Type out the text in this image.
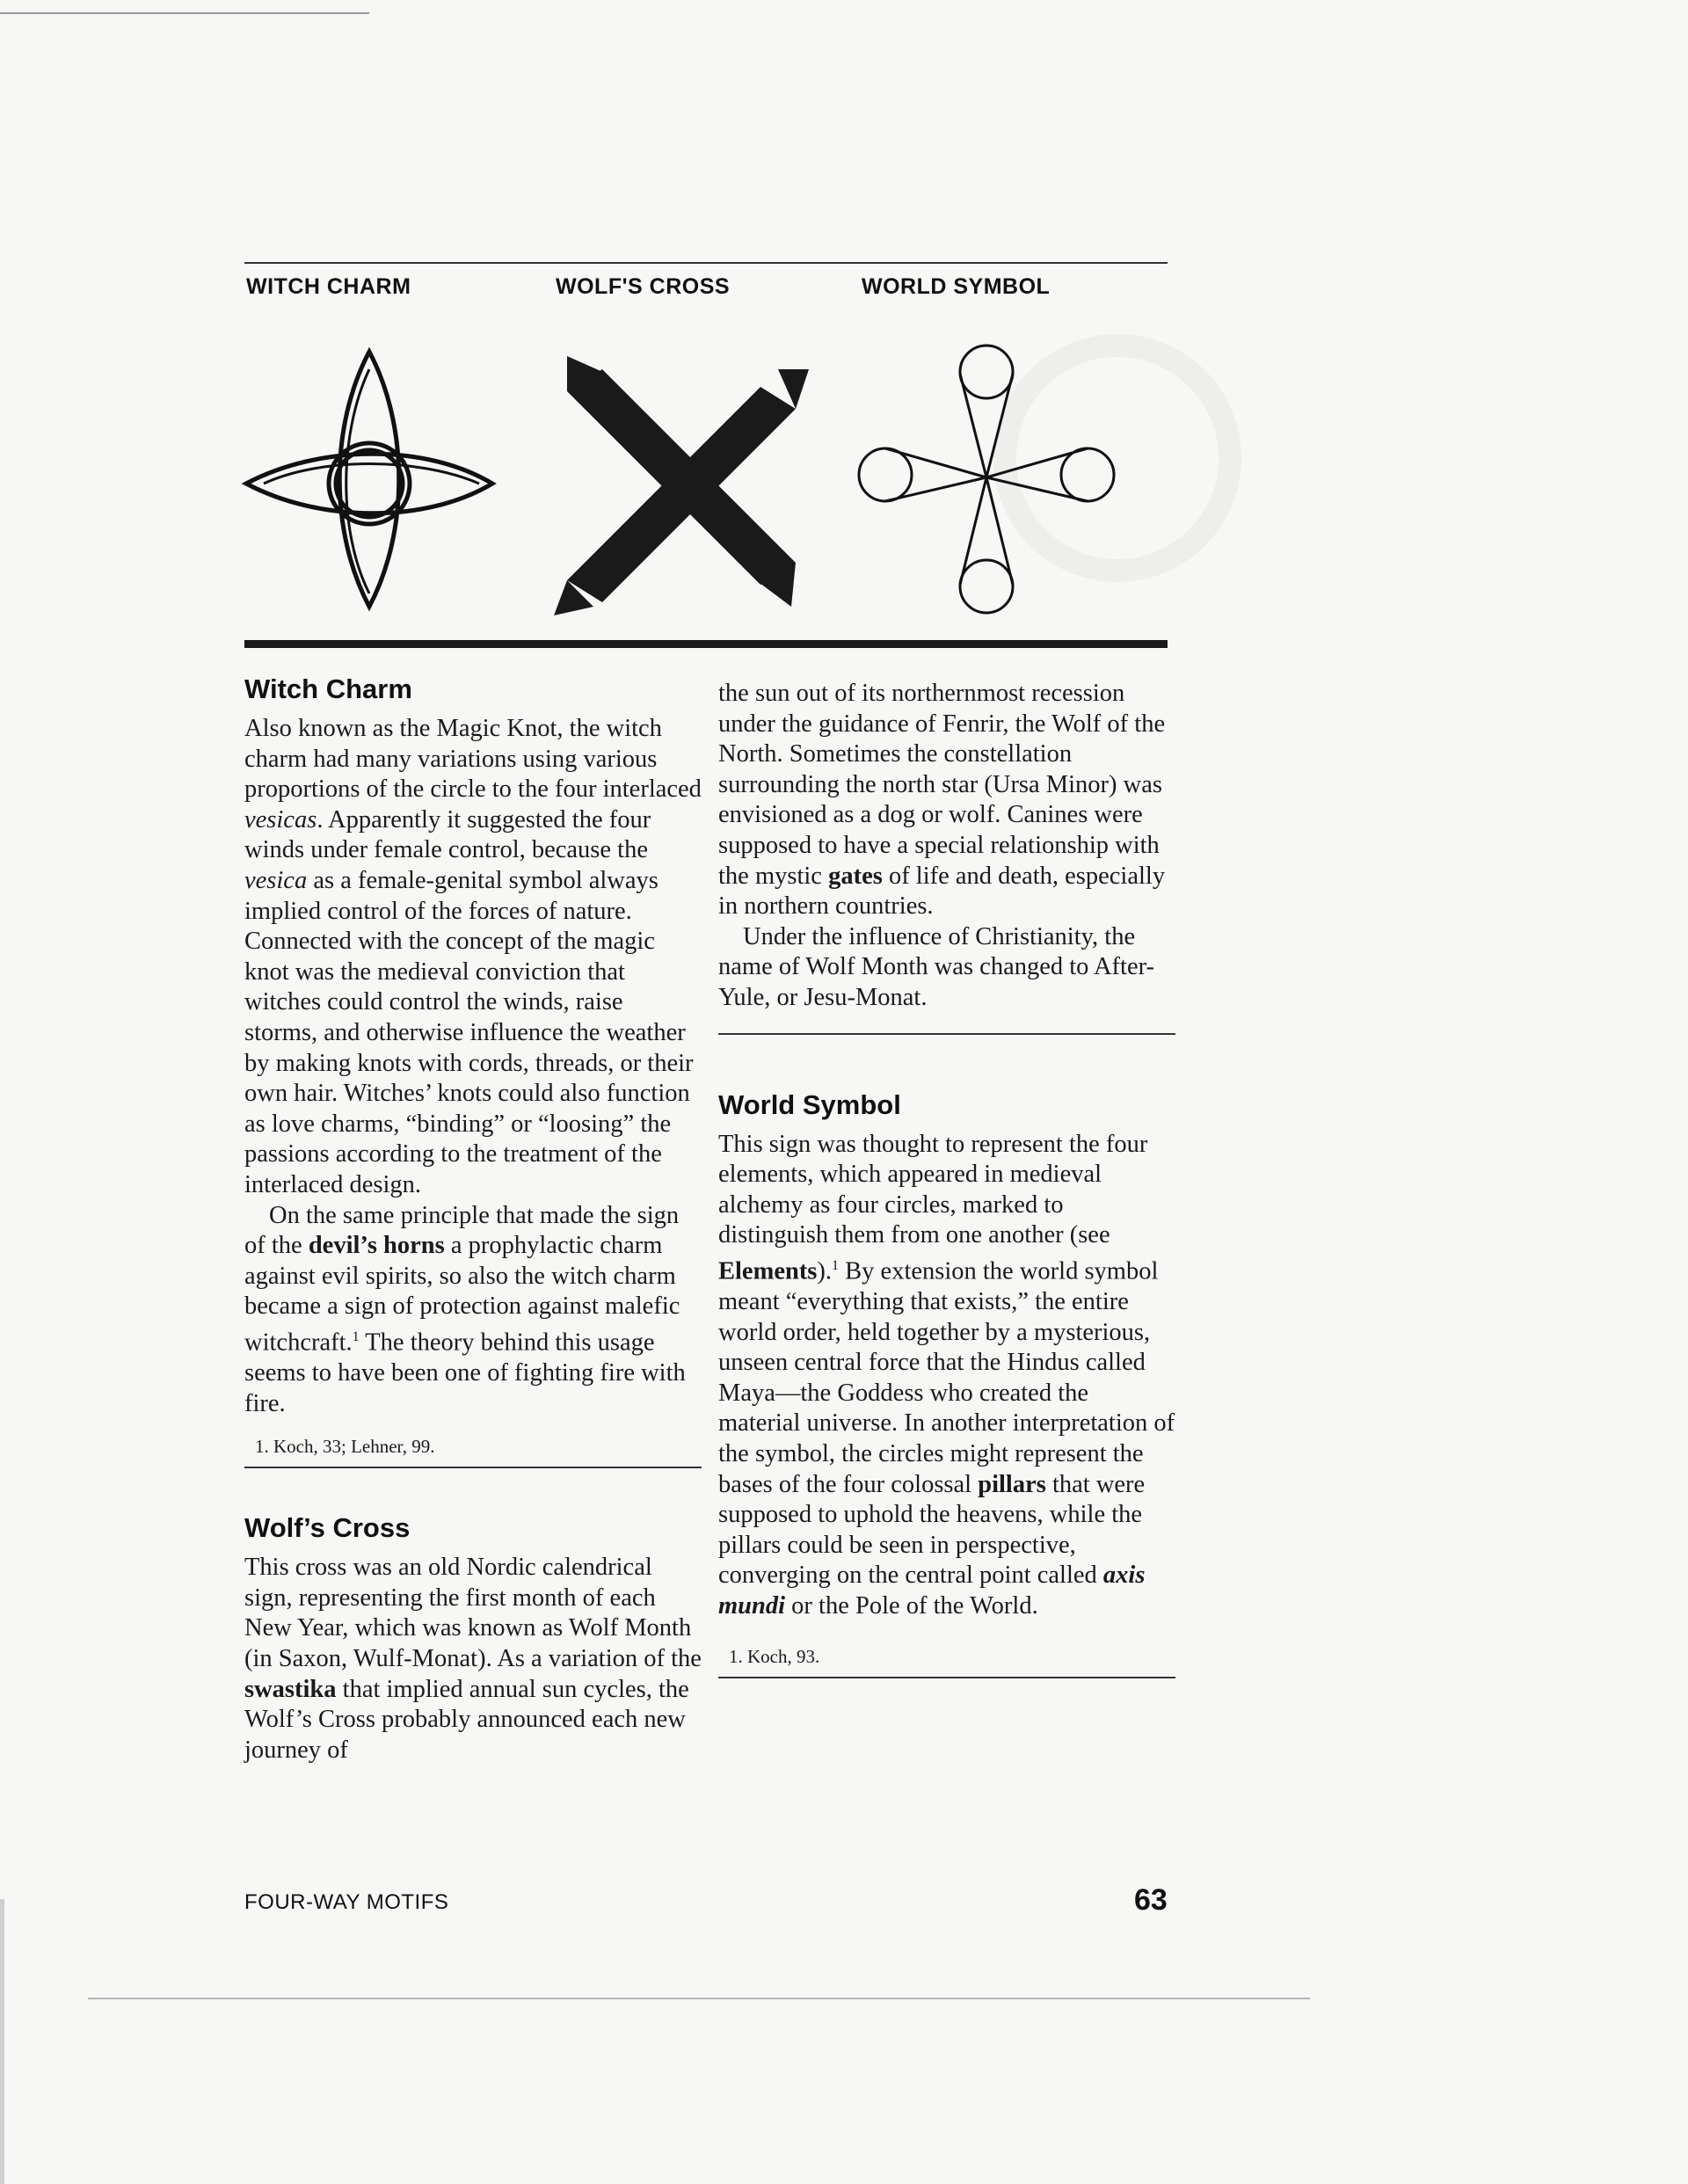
WITCH CHARM	WOLF'S CROSS	WORLD SYMBOL
Witch Charm

Also known as the Magic Knot, the witch charm had many variations using various proportions of the circle to the four interlaced vesicas. Apparently it suggested the four winds under female control, because the vesica as a female-genital symbol always implied control of the forces of nature. Connected with the concept of the magic knot was the medieval conviction that witches could control the winds, raise storms, and otherwise influence the weather by making knots with cords, threads, or their own hair. Witches’ knots could also function as love charms, “binding” or “loosing” the passions according to the treatment of the interlaced design.

On the same principle that made the sign of the devil’s horns a prophylactic charm against evil spirits, so also the witch charm became a sign of protection against malefic witchcraft.$^1$ The theory behind this usage seems to have been one of fighting fire with fire.

1. Koch, 33; Lehner, 99.

Wolf’s Cross

This cross was an old Nordic calendrical sign, representing the first month of each New Year, which was known as Wolf Month (in Saxon, Wulf-Monat). As a variation of the swastika that implied annual sun cycles, the Wolf’s Cross probably announced each new journey of

the sun out of its northernmost recession under the guidance of Fenrir, the Wolf of the North. Sometimes the constellation surrounding the north star (Ursa Minor) was envisioned as a dog or wolf. Canines were supposed to have a special relationship with the mystic gates of life and death, especially in northern countries.

Under the influence of Christianity, the name of Wolf Month was changed to After-Yule, or Jesu-Monat.

World Symbol

This sign was thought to represent the four elements, which appeared in medieval alchemy as four circles, marked to distinguish them from one another (see Elements).$^1$ By extension the world symbol meant “everything that exists,” the entire world order, held together by a mysterious, unseen central force that the Hindus called Maya—the Goddess who created the material universe. In another interpretation of the symbol, the circles might represent the bases of the four colossal pillars that were supposed to uphold the heavens, while the pillars could be seen in perspective, converging on the central point called axis mundi or the Pole of the World.

1. Koch, 93.

FOUR-WAY MOTIFS	63
